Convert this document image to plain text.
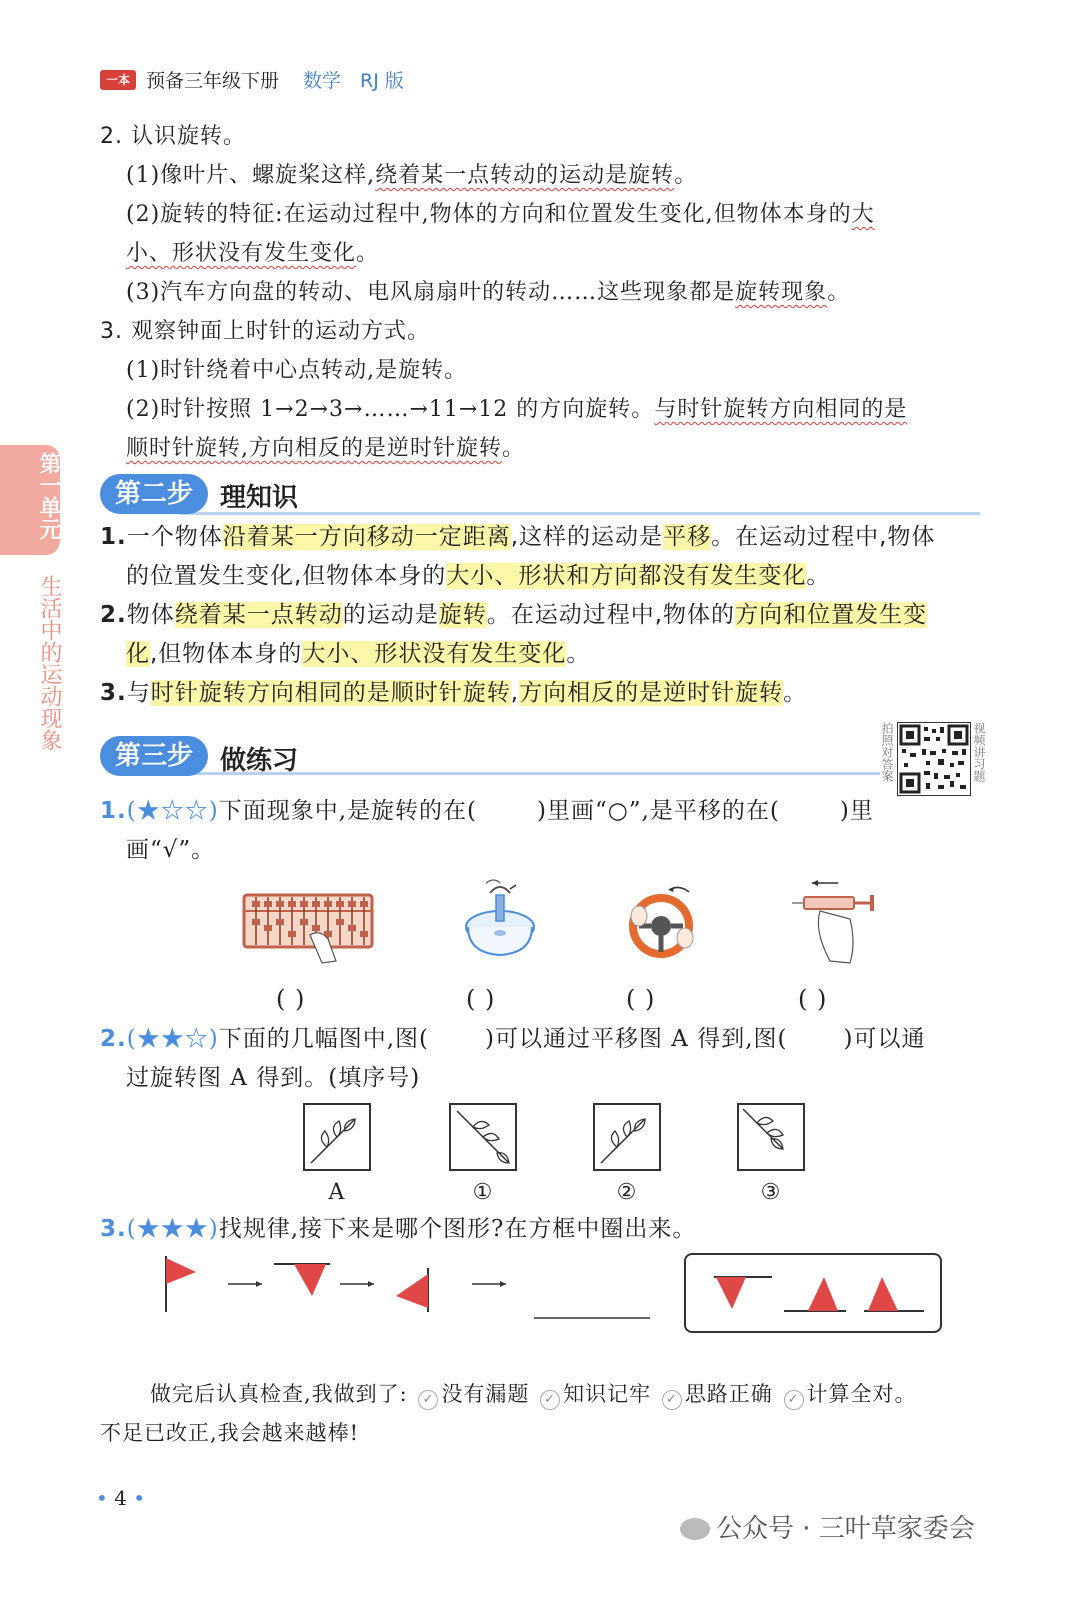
一本 预备三年级下册 数学 RJ 版
第一单元
生活中的运动现象
2. 认识旋转。
(1)像叶片、螺旋桨这样,绕着某一点转动的运动是旋转。
(2)旋转的特征:在运动过程中,物体的方向和位置发生变化,但物体本身的大
小、形状没有发生变化。
(3)汽车方向盘的转动、电风扇扇叶的转动……这些现象都是旋转现象。
3. 观察钟面上时针的运动方式。
(1)时针绕着中心点转动,是旋转。
(2)时针按照 1→2→3→……→11→12 的方向旋转。与时针旋转方向相同的是
顺时针旋转,方向相反的是逆时针旋转。
第二步	理知识
1.一个物体沿着某一方向移动一定距离,这样的运动是平移。在运动过程中,物体
的位置发生变化,但物体本身的大小、形状和方向都没有发生变化。
2.物体绕着某一点转动的运动是旋转。在运动过程中,物体的方向和位置发生变
化,但物体本身的大小、形状没有发生变化。
3.与时针旋转方向相同的是顺时针旋转,方向相反的是逆时针旋转。
第三步	做练习	拍照对答案	视频讲习题
1.(★☆☆)下面现象中,是旋转的在(	)里画“○”,是平移的在(	)里
画“√”。
( )	( )	( )	( )
2.(★★☆)下面的几幅图中,图( )可以通过平移图 A 得到,图( )可以通
过旋转图 A 得到。(填序号)
A	①	②	③
3.(★★★)找规律,接下来是哪个图形?在方框中圈出来。
做完后认真检查,我做到了: ✓ 没有漏题 ✓ 知识记牢 ✓ 思路正确 ✓ 计算全对。
不足已改正,我会越来越棒!
• 4 •
公众号 · 三叶草家委会
